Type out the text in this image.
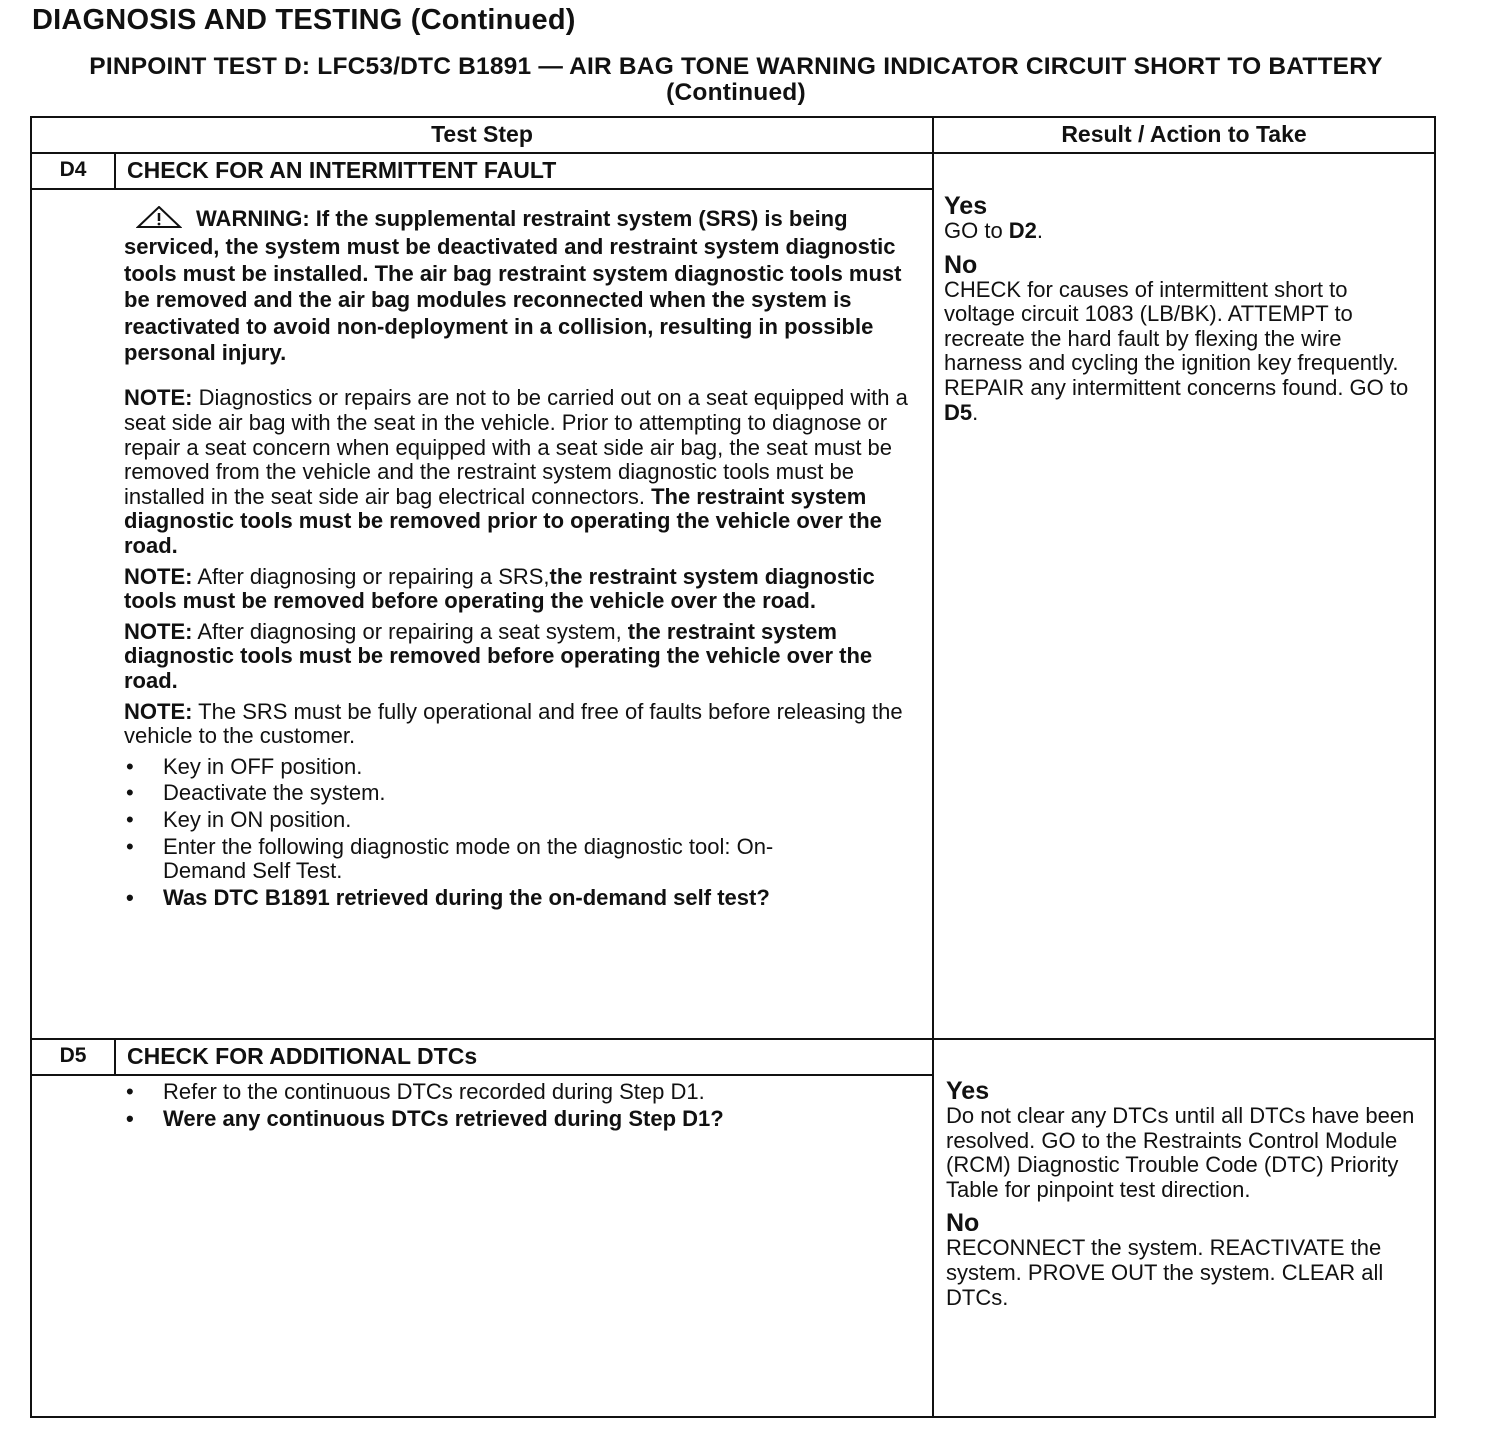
DIAGNOSIS AND TESTING (Continued)
PINPOINT TEST D: LFC53/DTC B1891 — AIR BAG TONE WARNING INDICATOR CIRCUIT SHORT TO BATTERY (Continued)
Test Step	Result / Action to Take
D4	CHECK FOR AN INTERMITTENT FAULT

WARNING: If the supplemental restraint system (SRS) is being serviced, the system must be deactivated and restraint system diagnostic tools must be installed. The air bag restraint system diagnostic tools must be removed and the air bag modules reconnected when the system is reactivated to avoid non-deployment in a collision, resulting in possible personal injury.

NOTE: Diagnostics or repairs are not to be carried out on a seat equipped with a seat side air bag with the seat in the vehicle. Prior to attempting to diagnose or repair a seat concern when equipped with a seat side air bag, the seat must be removed from the vehicle and the restraint system diagnostic tools must be installed in the seat side air bag electrical connectors. The restraint system diagnostic tools must be removed prior to operating the vehicle over the road.

NOTE: After diagnosing or repairing a SRS,the restraint system diagnostic tools must be removed before operating the vehicle over the road.

NOTE: After diagnosing or repairing a seat system, the restraint system diagnostic tools must be removed before operating the vehicle over the road.

NOTE: The SRS must be fully operational and free of faults before releasing the vehicle to the customer.

• Key in OFF position.
• Deactivate the system.
• Key in ON position.
• Enter the following diagnostic mode on the diagnostic tool: On-Demand Self Test.
• Was DTC B1891 retrieved during the on-demand self test?

Yes
GO to D2.

No
CHECK for causes of intermittent short to voltage circuit 1083 (LB/BK). ATTEMPT to recreate the hard fault by flexing the wire harness and cycling the ignition key frequently. REPAIR any intermittent concerns found. GO to D5.

D5	CHECK FOR ADDITIONAL DTCs
• Refer to the continuous DTCs recorded during Step D1.
• Were any continuous DTCs retrieved during Step D1?

Yes
Do not clear any DTCs until all DTCs have been resolved. GO to the Restraints Control Module (RCM) Diagnostic Trouble Code (DTC) Priority Table for pinpoint test direction.

No
RECONNECT the system. REACTIVATE the system. PROVE OUT the system. CLEAR all DTCs.
